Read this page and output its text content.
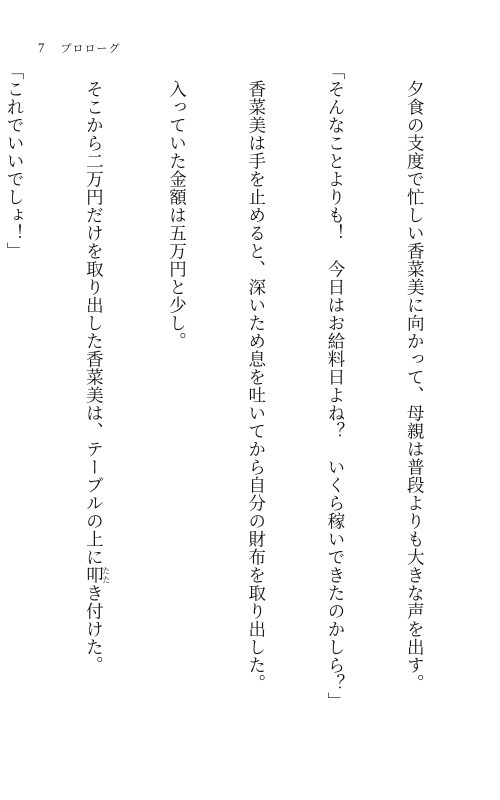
7 プロローグ

　夕食の支度で忙しい香菜美に向かって、母親は普段よりも大きな声を出す。

「そんなことよりも！　今日はお給料日よね？　いくら稼いできたのかしら？」

　香菜美は手を止めると、深いため息を吐いてから自分の財布を取り出した。

　入っていた金額は五万円と少し。

　そこから二万円だけを取り出した香菜美は、テーブルの上に叩たたき付けた。

「これでいいでしょ！」
